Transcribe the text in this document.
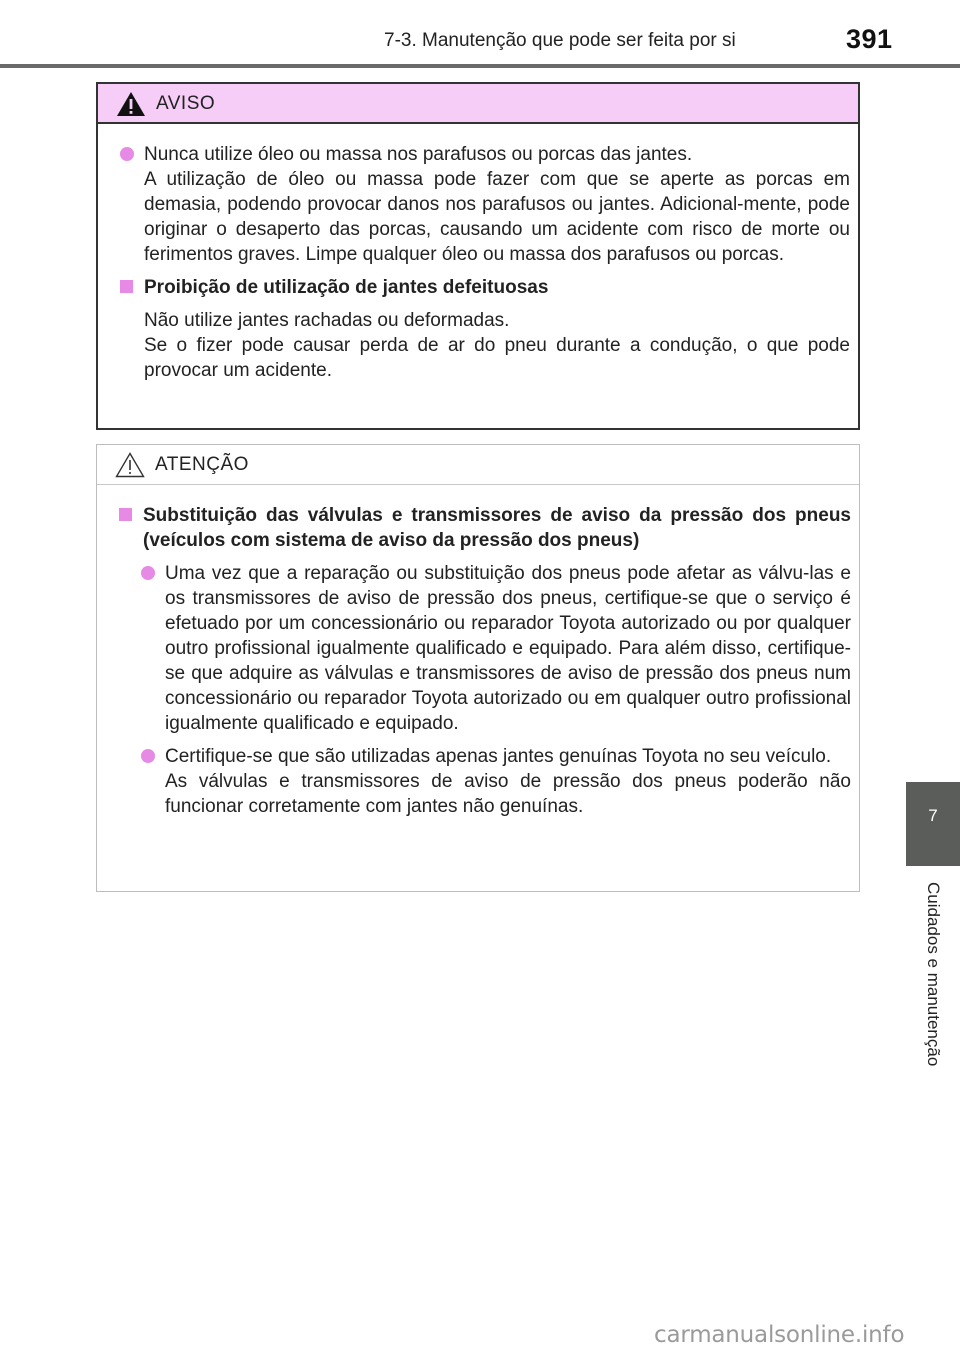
7-3. Manutenção que pode ser feita por si	391
AVISO
Nunca utilize óleo ou massa nos parafusos ou porcas das jantes.
A utilização de óleo ou massa pode fazer com que se aperte as porcas em demasia, podendo provocar danos nos parafusos ou jantes. Adicional-mente, pode originar o desaperto das porcas, causando um acidente com risco de morte ou ferimentos graves. Limpe qualquer óleo ou massa dos parafusos ou porcas.
Proibição de utilização de jantes defeituosas
Não utilize jantes rachadas ou deformadas.
Se o fizer pode causar perda de ar do pneu durante a condução, o que pode provocar um acidente.
ATENÇÃO
Substituição das válvulas e transmissores de aviso da pressão dos pneus (veículos com sistema de aviso da pressão dos pneus)
Uma vez que a reparação ou substituição dos pneus pode afetar as válvu-las e os transmissores de aviso de pressão dos pneus, certifique-se que o serviço é efetuado por um concessionário ou reparador Toyota autorizado ou por qualquer outro profissional igualmente qualificado e equipado. Para além disso, certifique-se que adquire as válvulas e transmissores de aviso de pressão dos pneus num concessionário ou reparador Toyota autorizado ou em qualquer outro profissional igualmente qualificado e equipado.
Certifique-se que são utilizadas apenas jantes genuínas Toyota no seu veículo.
As válvulas e transmissores de aviso de pressão dos pneus poderão não funcionar corretamente com jantes não genuínas.	7
Cuidados e manutenção
carmanualsonline.info
